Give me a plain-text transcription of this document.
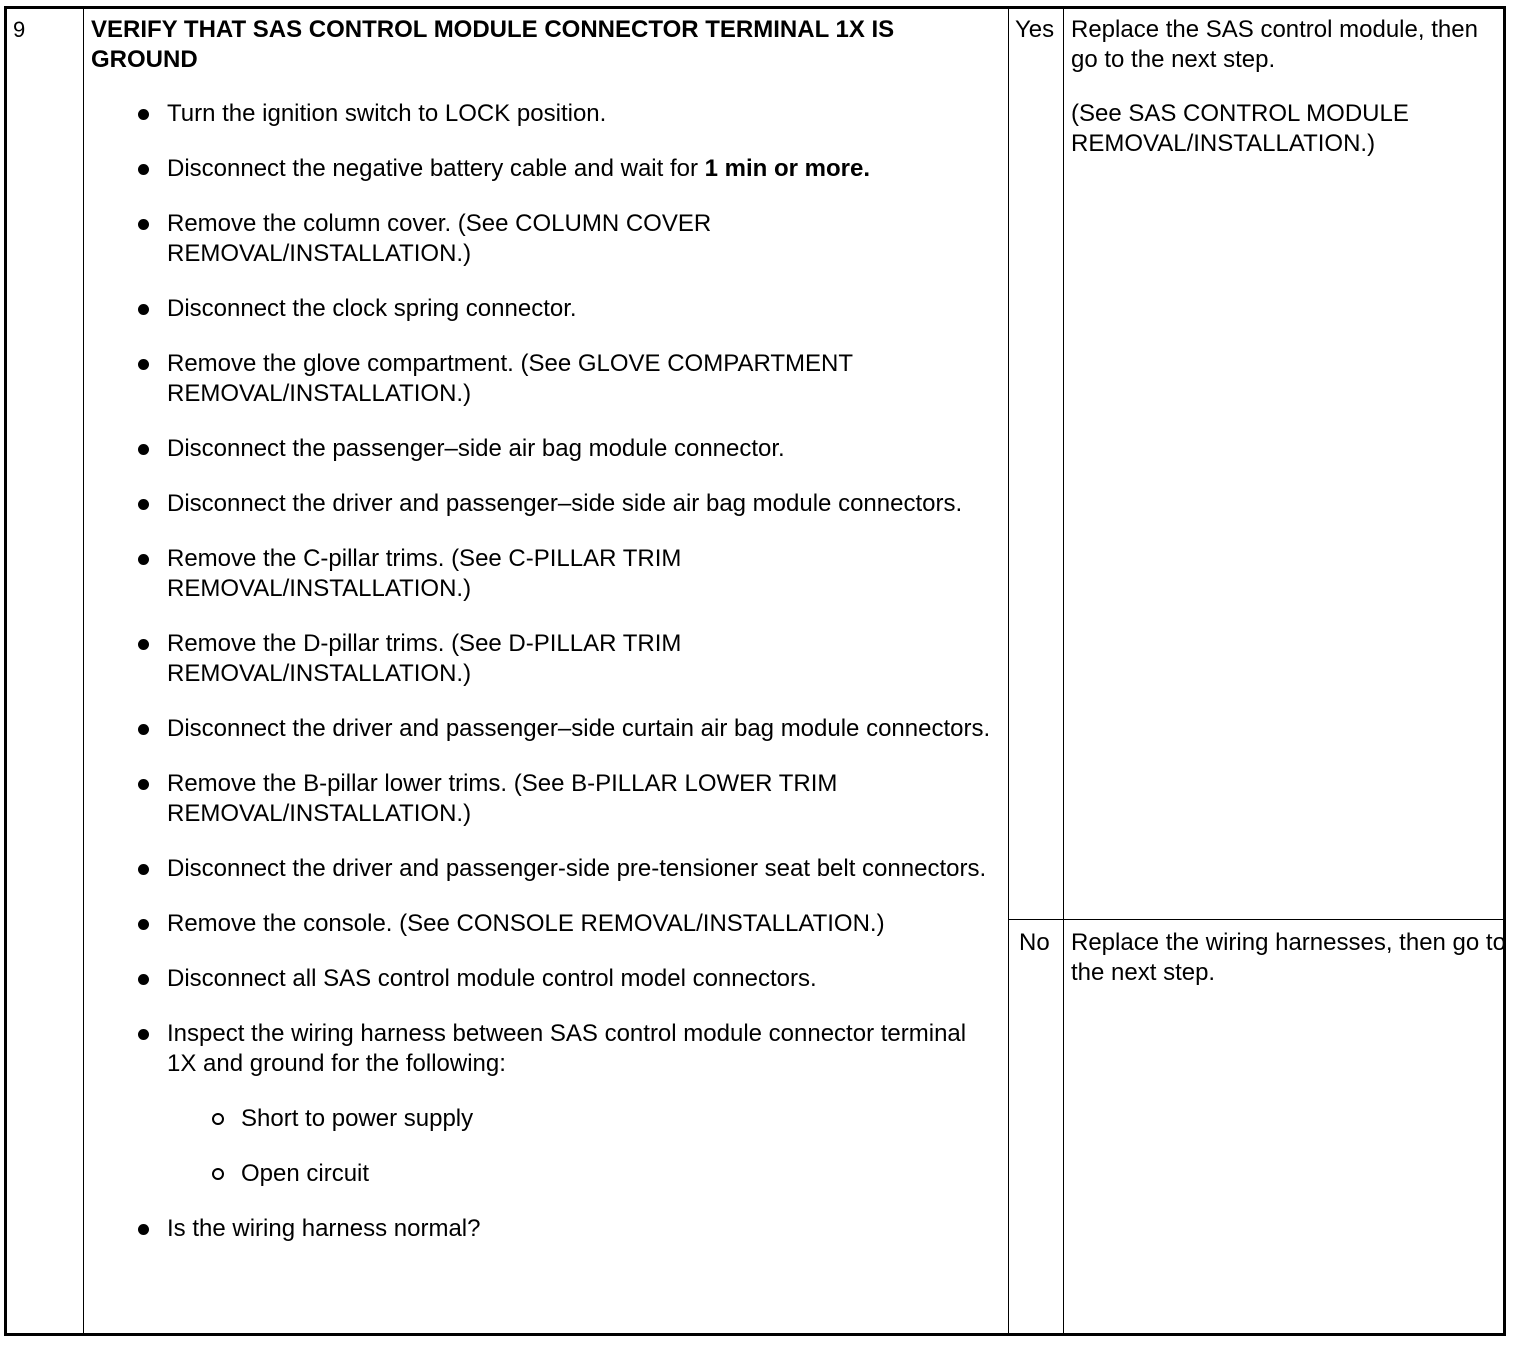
9	VERIFY THAT SAS CONTROL MODULE CONNECTOR TERMINAL 1X IS GROUND
Turn the ignition switch to LOCK position.
Disconnect the negative battery cable and wait for 1 min or more.
Remove the column cover. (See COLUMN COVER REMOVAL/INSTALLATION.)
Disconnect the clock spring connector.
Remove the glove compartment. (See GLOVE COMPARTMENT REMOVAL/INSTALLATION.)
Disconnect the passenger–side air bag module connector.
Disconnect the driver and passenger–side side air bag module connectors.
Remove the C-pillar trims. (See C-PILLAR TRIM REMOVAL/INSTALLATION.)
Remove the D-pillar trims. (See D-PILLAR TRIM REMOVAL/INSTALLATION.)
Disconnect the driver and passenger–side curtain air bag module connectors.
Remove the B-pillar lower trims. (See B-PILLAR LOWER TRIM REMOVAL/INSTALLATION.)
Disconnect the driver and passenger-side pre-tensioner seat belt connectors.
Remove the console. (See CONSOLE REMOVAL/INSTALLATION.)
Disconnect all SAS control module control model connectors.
Inspect the wiring harness between SAS control module connector terminal 1X and ground for the following:
Short to power supply
Open circuit
Is the wiring harness normal?
Yes Replace the SAS control module, then go to the next step.

(See SAS CONTROL MODULE REMOVAL/INSTALLATION.)

No Replace the wiring harnesses, then go to the next step.
